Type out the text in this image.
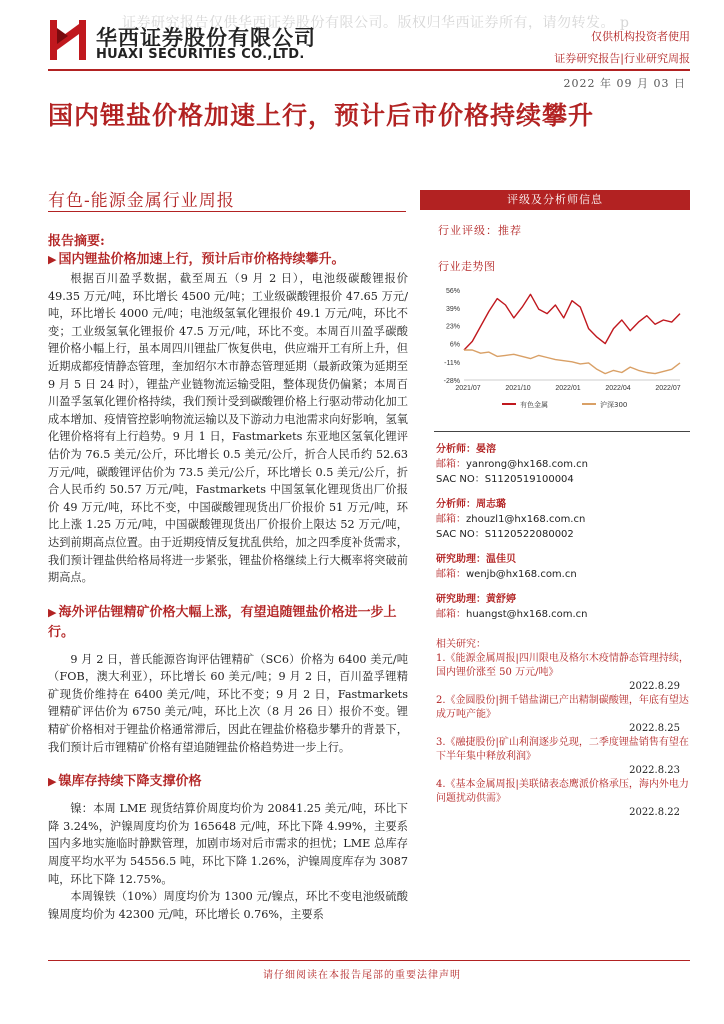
证券研究报告仅供华西证券股份有限公司。版权归华西证券所有，请勿转发。 p
华西证券股份有限公司
HUAXI SECURITIES CO.,LTD.
仅供机构投资者使用
证券研究报告|行业研究周报
2022 年 09 月 03 日
国内锂盐价格加速上行，预计后市价格持续攀升
有色-能源金属行业周报
报告摘要:
▶ 国内锂盐价格加速上行，预计后市价格持续攀升。

根据百川盈孚数据，截至周五（9 月 2 日），电池级碳酸锂报价 49.35 万元/吨，环比增长 4500 元/吨；工业级碳酸锂报价 47.65 万元/吨，环比增长 4000 元/吨；电池级氢氧化锂报价 49.1 万元/吨，环比不变；工业级氢氧化锂报价 47.5 万元/吨，环比不变。本周百川盈孚碳酸锂价格小幅上行，虽本周四川锂盐厂恢复供电，供应端开工有所上升，但近期成都疫情静态管理，奎加绍尔木市静态管理延期（最新政策为延期至 9 月 5 日 24 时），锂盐产业链物流运输受阻，整体现货仍偏紧；本周百川盈孚氢氧化锂价格持续，我们预计受到碳酸锂价格上行驱动带动化加工成本增加、疫情管控影响物流运输以及下游动力电池需求向好影响，氢氧化锂价格将有上行趋势。9 月 1 日，Fastmarkets 东亚地区氢氧化锂评估价为 76.5 美元/公斤，环比增长 0.5 美元/公斤，折合人民币约 52.63 万元/吨，碳酸锂评估价为 73.5 美元/公斤，环比增长 0.5 美元/公斤，折合人民币约 50.57 万元/吨，Fastmarkets 中国氢氧化锂现货出厂价报价 49 万元/吨，环比不变，中国碳酸锂现货出厂价报价 51 万元/吨，环比上涨 1.25 万元/吨，中国碳酸锂现货出厂价报价上限达 52 万元/吨，达到前期高点位置。由于近期疫情反复扰乱供给，加之四季度补货需求，我们预计锂盐供给格局将进一步紧张，锂盐价格继续上行大概率将突破前期高点。

▶ 海外评估锂精矿价格大幅上涨，有望追随锂盐价格进一步上行。

9 月 2 日，普氏能源咨询评估锂精矿（SC6）价格为 6400 美元/吨（FOB，澳大利亚），环比增长 60 美元/吨；9 月 2 日，百川盈孚锂精矿现货价维持在 6400 美元/吨，环比不变；9 月 2 日，Fastmarkets 锂精矿评估价为 6750 美元/吨，环比上次（8 月 26 日）报价不变。锂精矿价格相对于锂盐价格通常滞后，因此在锂盐价格稳步攀升的背景下，我们预计后市锂精矿价格有望追随锂盐价格趋势进一步上行。

▶ 镍库存持续下降支撑价格

镍：本周 LME 现货结算价周度均价为 20841.25 美元/吨，环比下降 3.24%，沪镍周度均价为 165648 元/吨，环比下降 4.99%，主要系国内多地实施临时静默管理，加剧市场对后市需求的担忧；LME 总库存周度平均水平为 54556.5 吨，环比下降 1.26%，沪镍周度库存为 3087 吨，环比下降 12.75%。

本周镍铁（10%）周度均价为 1300 元/镍点，环比不变电池级硫酸镍周度均价为 42300 元/吨，环比增长 0.76%，主要系

评级及分析师信息
行业评级：推荐
行业走势图
56%
39%
23%
6%
-11%
-28%
2021/07	2021/10	2022/01	2022/04	2022/07
有色金属	沪深300
分析师：晏溶
邮箱：yanrong@hx168.com.cn
SAC NO：S1120519100004
分析师：周志璐
邮箱：zhouzl1@hx168.com.cn
SAC NO：S1120522080002
研究助理：温佳贝
邮箱：wenjb@hx168.com.cn
研究助理：黄舒婷
邮箱：huangst@hx168.com.cn
相关研究：
1.《能源金属周报|四川限电及格尔木疫情静态管理持续，国内锂价涨至 50 万元/吨》
2022.8.29
2.《金圆股份|拥千错盐湖已产出精制碳酸锂，年底有望达成万吨产能》
2022.8.25
3.《融捷股份|矿山利润逐步兑现，二季度锂盐销售有望在下半年集中释放利润》
2022.8.23
4.《基本金属周报|美联储表态鹰派价格承压，海内外电力问题扰动供需》
2022.8.22
请仔细阅读在本报告尾部的重要法律声明
